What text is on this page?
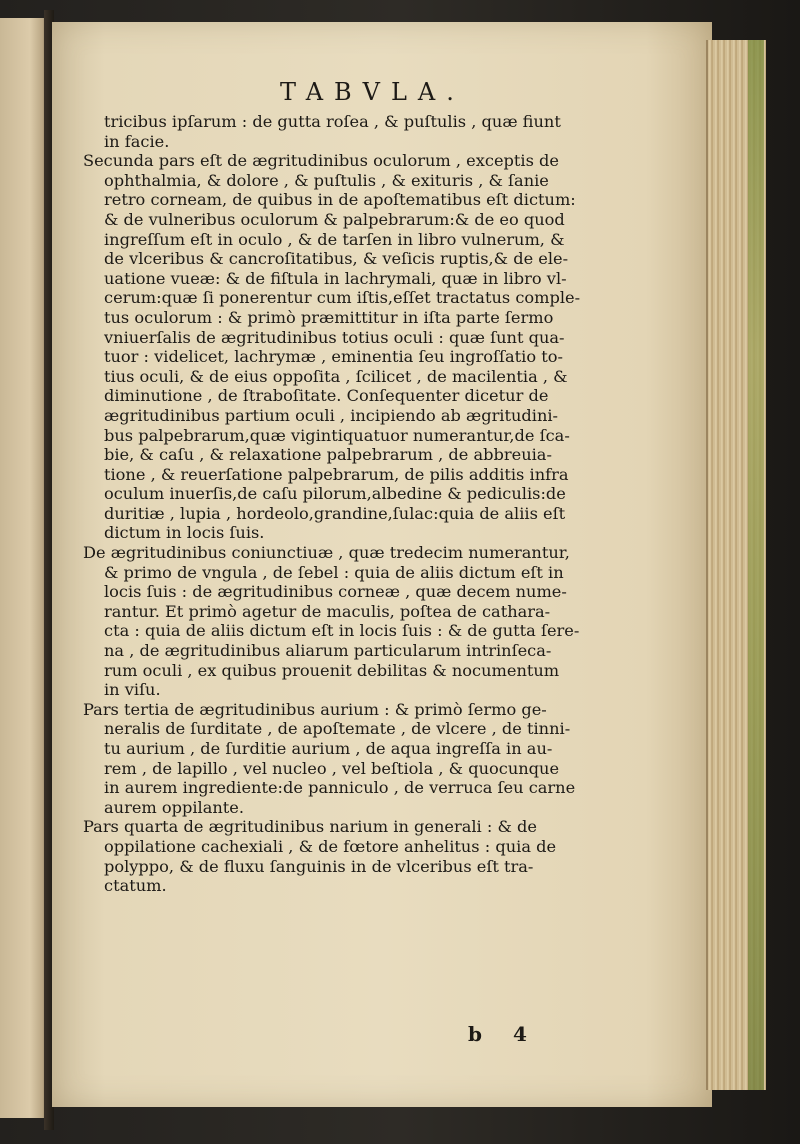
TABVLA.
tricibus ipſarum : de gutta roſea , & puſtulis , quæ fiunt
in facie.
Secunda pars eſt de ægritudinibus oculorum , exceptis de
ophthalmia, & dolore , & puſtulis , & exituris , & ſanie
retro corneam, de quibus in de apoſtematibus eſt dictum:
& de vulneribus oculorum & palpebrarum:& de eo quod
ingreſſum eſt in oculo , & de tarſen in libro vulnerum, &
de vlceribus & cancroſitatibus, & veſicis ruptis,& de ele-
uatione vueæ: & de fiſtula in lachrymali, quæ in libro vl-
cerum:quæ ſi ponerentur cum iſtis,eſſet tractatus comple-
tus oculorum : & primò præmittitur in iſta parte ſermo
vniuerſalis de ægritudinibus totius oculi : quæ ſunt qua-
tuor : videlicet, lachrymæ , eminentia ſeu ingroſſatio to-
tius oculi, & de eius oppoſita , ſcilicet , de macilentia , &
diminutione , de ſtraboſitate. Conſequenter dicetur de
ægritudinibus partium oculi , incipiendo ab ægritudini-
bus palpebrarum,quæ vigintiquatuor numerantur,de ſca-
bie, & caſu , & relaxatione palpebrarum , de abbreuia-
tione , & reuerſatione palpebrarum, de pilis additis infra
oculum inuerſis,de caſu pilorum,albedine & pediculis:de
duritiæ , lupia , hordeolo,grandine,ſulac:quia de aliis eſt
dictum in locis ſuis.
De ægritudinibus coniunctiuæ , quæ tredecim numerantur,
& primo de vngula , de ſebel : quia de aliis dictum eſt in
locis ſuis : de ægritudinibus corneæ , quæ decem nume-
rantur. Et primò agetur de maculis, poſtea de cathara-
cta : quia de aliis dictum eſt in locis ſuis : & de gutta ſere-
na , de ægritudinibus aliarum particularum intrinſeca-
rum oculi , ex quibus prouenit debilitas & nocumentum
in viſu.
Pars tertia de ægritudinibus aurium : & primò ſermo ge-
neralis de ſurditate , de apoſtemate , de vlcere , de tinni-
tu aurium , de ſurditie aurium , de aqua ingreſſa in au-
rem , de lapillo , vel nucleo , vel beſtiola , & quocunque
in aurem ingrediente:de panniculo , de verruca ſeu carne
aurem oppilante.
Pars quarta de ægritudinibus narium in generali : & de
oppilatione cachexiali , & de fœtore anhelitus : quia de
polyppo, & de fluxu ſanguinis in de vlceribus eſt tra-
ctatum.
b 4
